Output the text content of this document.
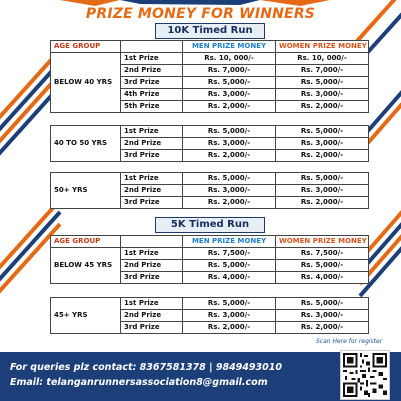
PRIZE MONEY FOR WINNERS
10K Timed Run
AGE GROUP		MEN PRIZE MONEY	WOMEN PRIZE MONEY
BELOW 40 YRS	1st Prize	Rs. 10, 000/-	Rs. 10, 000/-
	2nd Prize	Rs. 7,000/-	Rs. 7,000/-
	3rd Prize	Rs. 5,000/-	Rs. 5,000/-
	4th Prize	Rs. 3,000/-	Rs. 3,000/-
	5th Prize	Rs. 2,000/-	Rs. 2,000/-
40 TO 50 YRS	1st Prize	Rs. 5,000/-	Rs. 5,000/-
	2nd Prize	Rs. 3,000/-	Rs. 3,000/-
	3rd Prize	Rs. 2,000/-	Rs. 2,000/-
50+ YRS	1st Prize	Rs. 5,000/-	Rs. 5,000/-
	2nd Prize	Rs. 3,000/-	Rs. 3,000/-
	3rd Prize	Rs. 2,000/-	Rs. 2,000/-
5K Timed Run
AGE GROUP		MEN PRIZE MONEY	WOMEN PRIZE MONEY
BELOW 45 YRS	1st Prize	Rs. 7,500/-	Rs. 7,500/-
	2nd Prize	Rs. 5,000/-	Rs. 5,000/-
	3rd Prize	Rs. 4,000/-	Rs. 4,000/-
45+ YRS	1st Prize	Rs. 5,000/-	Rs. 5,000/-
	2nd Prize	Rs. 3,000/-	Rs. 3,000/-
	3rd Prize	Rs. 2,000/-	Rs. 2,000/-
Scan Here for register
For queries plz contact: 8367581378 | 9849493010
Email: telanganrunnersassociation8@gmail.com
